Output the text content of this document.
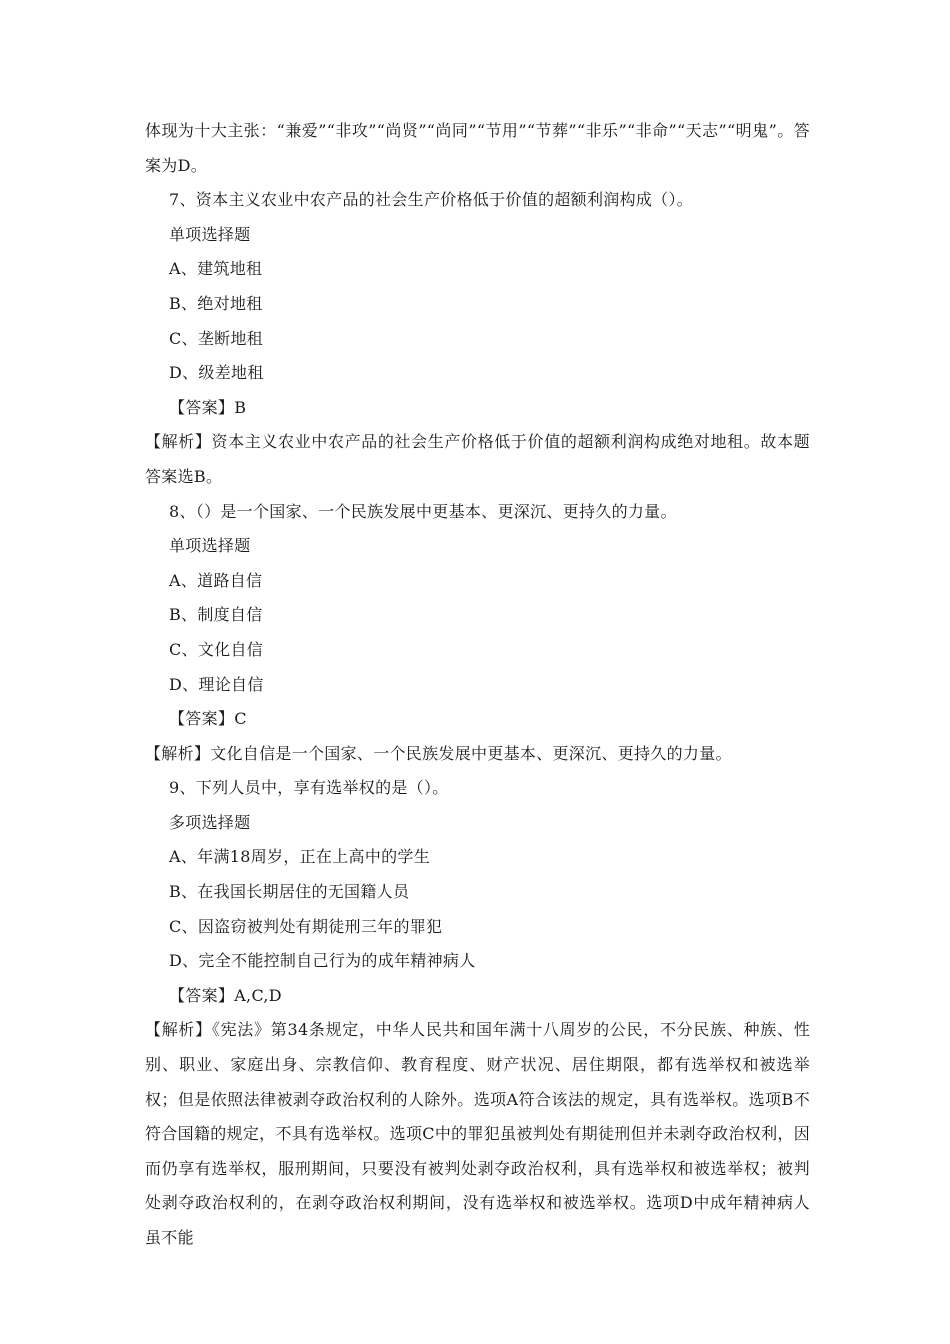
体现为十大主张：“兼爱”“非攻”“尚贤”“尚同”“节用”“节葬”“非乐”“非命”“天志”“明鬼”。答案为D。

7、资本主义农业中农产品的社会生产价格低于价值的超额利润构成（）。

单项选择题

A、建筑地租

B、绝对地租

C、垄断地租

D、级差地租

【答案】B

【解析】资本主义农业中农产品的社会生产价格低于价值的超额利润构成绝对地租。故本题答案选B。

8、（）是一个国家、一个民族发展中更基本、更深沉、更持久的力量。

单项选择题

A、道路自信

B、制度自信

C、文化自信

D、理论自信

【答案】C

【解析】文化自信是一个国家、一个民族发展中更基本、更深沉、更持久的力量。

9、下列人员中，享有选举权的是（）。

多项选择题

A、年满18周岁，正在上高中的学生

B、在我国长期居住的无国籍人员

C、因盗窃被判处有期徒刑三年的罪犯

D、完全不能控制自己行为的成年精神病人

【答案】A,C,D

【解析】《宪法》第34条规定，中华人民共和国年满十八周岁的公民，不分民族、种族、性别、职业、家庭出身、宗教信仰、教育程度、财产状况、居住期限，都有选举权和被选举权；但是依照法律被剥夺政治权利的人除外。选项A符合该法的规定，具有选举权。选项B不符合国籍的规定，不具有选举权。选项C中的罪犯虽被判处有期徒刑但并未剥夺政治权利，因而仍享有选举权，服刑期间，只要没有被判处剥夺政治权利，具有选举权和被选举权；被判处剥夺政治权利的，在剥夺政治权利期间，没有选举权和被选举权。选项D中成年精神病人虽不能
